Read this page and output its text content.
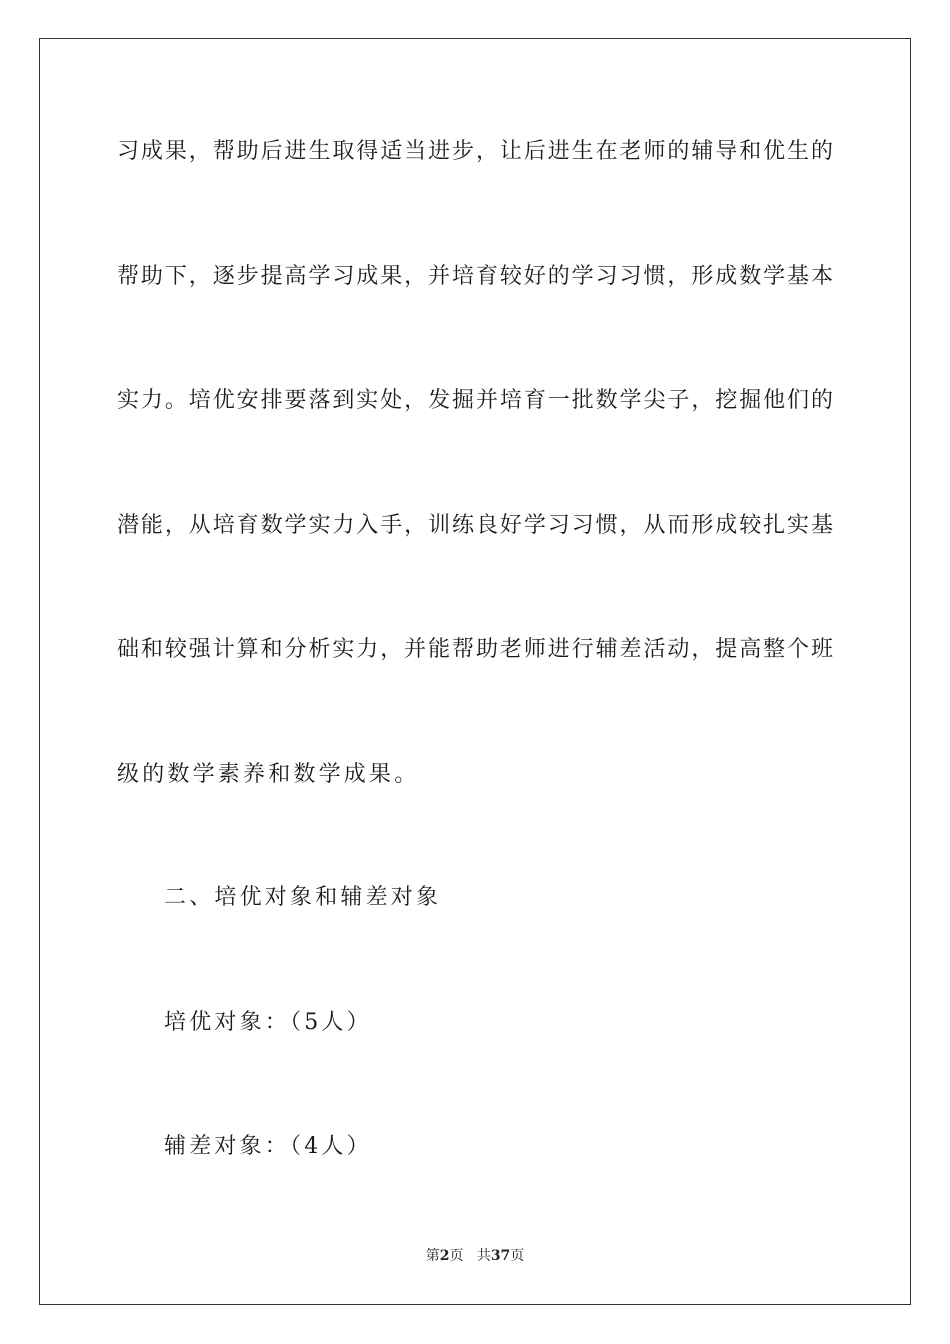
习成果，帮助后进生取得适当进步，让后进生在老师的辅导和优生的
帮助下，逐步提高学习成果，并培育较好的学习习惯，形成数学基本
实力。培优安排要落到实处，发掘并培育一批数学尖子，挖掘他们的
潜能，从培育数学实力入手，训练良好学习习惯，从而形成较扎实基
础和较强计算和分析实力，并能帮助老师进行辅差活动，提高整个班
级的数学素养和数学成果。
二、培优对象和辅差对象
培优对象：（5人）
辅差对象：（4人）
第2页 共37页
